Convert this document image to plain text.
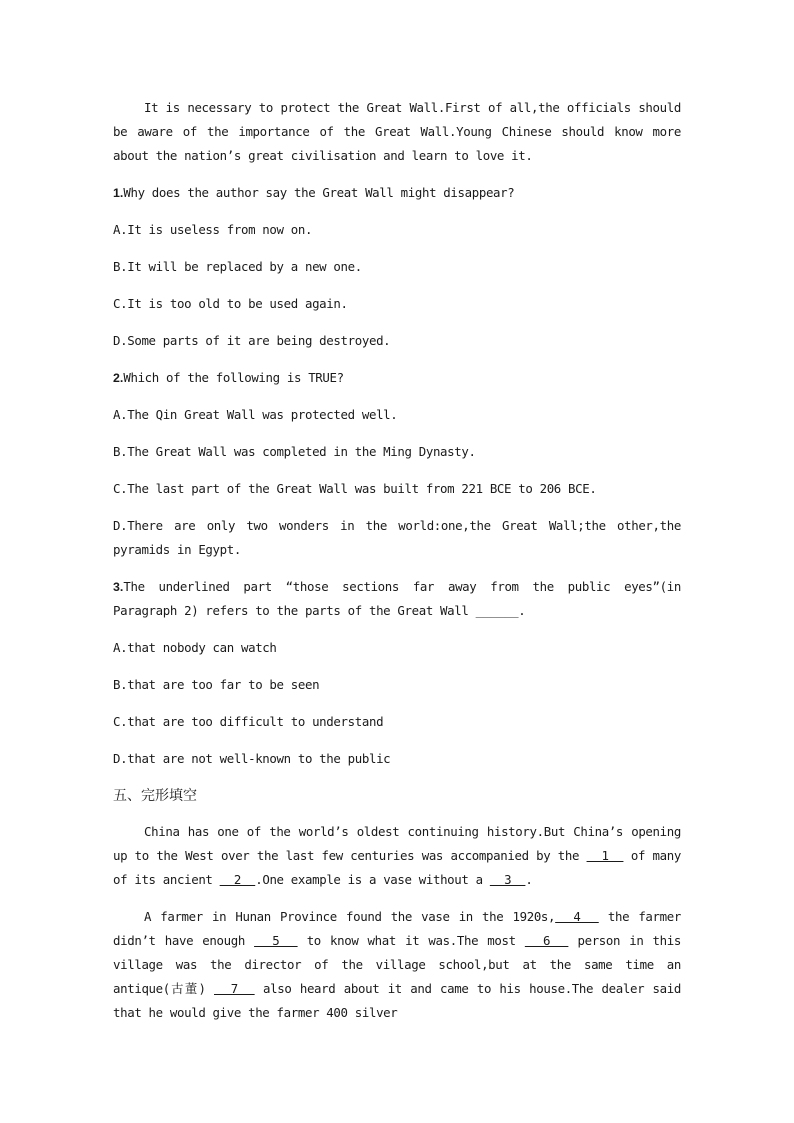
It is necessary to protect the Great Wall.First of all,the officials should be aware of the importance of the Great Wall.Young Chinese should know more about the nation’s great civilisation and learn to love it.

1.Why does the author say the Great Wall might disappear?

A.It is useless from now on.

B.It will be replaced by a new one.

C.It is too old to be used again.

D.Some parts of it are being destroyed.

2.Which of the following is TRUE?

A.The Qin Great Wall was protected well.

B.The Great Wall was completed in the Ming Dynasty.

C.The last part of the Great Wall was built from 221 BCE to 206 BCE.

D.There are only two wonders in the world:one,the Great Wall;the other,the pyramids in Egypt.

3.The underlined part “those sections far away from the public eyes”(in Paragraph 2) refers to the parts of the Great Wall ______.

A.that nobody can watch

B.that are too far to be seen

C.that are too difficult to understand

D.that are not well-known to the public

五、完形填空

China has one of the world’s oldest continuing history.But China’s opening up to the West over the last few centuries was accompanied by the   1   of many of its ancient   2  .One example is a vase without a   3  .

A farmer in Hunan Province found the vase in the 1920s,  4   the farmer didn’t have enough   5   to know what it was.The most   6   person in this village was the director of the village school,but at the same time an antique(古董)   7   also heard about it and came to his house.The dealer said that he would give the farmer 400 silver
